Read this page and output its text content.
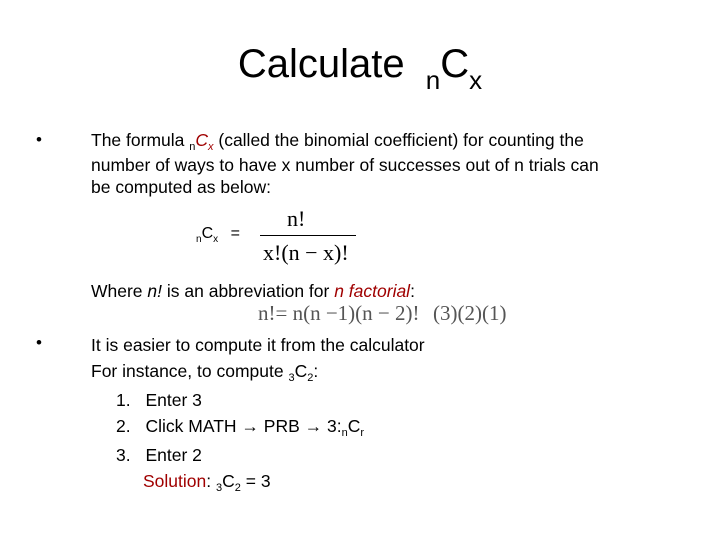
Calculate $_nC_x$
•	The formula $_nC_x$ (called the binomial coefficient) for counting the
number of ways to have x number of successes out of n trials can
be computed as below:
$_nC_x$ =
n!
x!(n − x)!
Where n! is an abbreviation for n factorial:
n!= n(n −1)(n − 2)! (3)(2)(1)
•	It is easier to compute it from the calculator
For instance, to compute $_3C_2$:
1. Enter 3
2. Click MATH → PRB → $3:_nC_r$
3. Enter 2
Solution: $_3C_2 = 3$
